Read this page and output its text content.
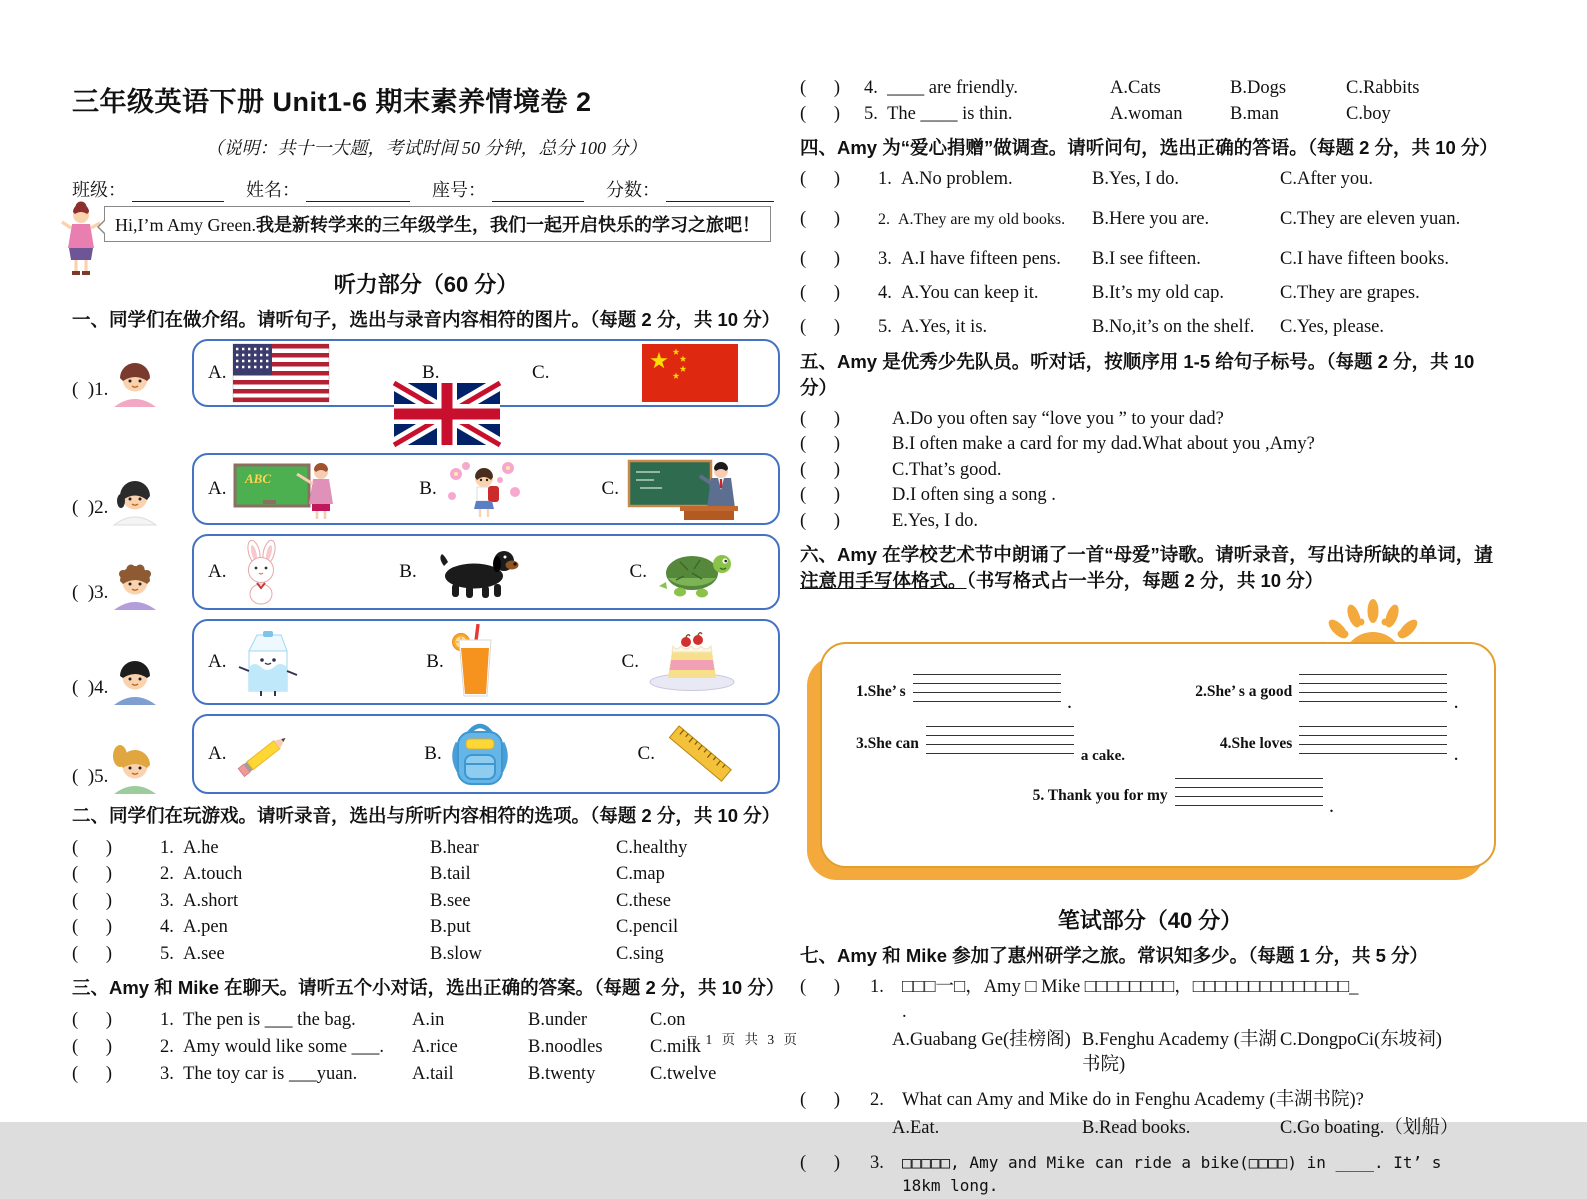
三年级英语下册 Unit1-6 期末素养情境卷 2
（说明：共十一大题，考试时间 50 分钟，总分 100 分）
班级：	姓名：	座号：	分数：
Hi,I’m Amy Green.我是新转学来的三年级学生，我们一起开启快乐的学习之旅吧！
听力部分（60 分）
一、同学们在做介绍。请听句子，选出与录音内容相符的图片。（每题 2 分，共 10 分）
(  )1.
A.	B.	C.
(  )2.
A. ABC	B.	C.
(  )3.
A.	B.	C.
(  )4.
A.	B.	C.
(  )5.
A.	B.	C.
二、同学们在玩游戏。请听录音，选出与所听内容相符的选项。（每题 2 分，共 10 分）
(      )	1. A.he	B.hear	C.healthy
(      )	2. A.touch	B.tail	C.map
(      )	3. A.short	B.see	C.these
(      )	4. A.pen	B.put	C.pencil
(      )	5. A.see	B.slow	C.sing
三、Amy 和 Mike 在聊天。请听五个小对话，选出正确的答案。（每题 2 分，共 10 分）
(      )	1. The pen is ___ the bag.	A.in	B.under	C.on
(      )	2. Amy would like some ___.	A.rice	B.noodles	C.milk
(      )	3. The toy car is ___yuan.	A.tail	B.twenty	C.twelve
□ 1 页 共 3 页
(      )	4. ____ are friendly.	A.Cats	B.Dogs	C.Rabbits
(      )	5. The ____ is thin.	A.woman	B.man	C.boy
四、Amy 为“爱心捐赠”做调查。请听问句，选出正确的答语。（每题 2 分，共 10 分）
(      )	1. A.No problem.	B.Yes, I do.	C.After you.
(      )	2. A.They are my old books.	B.Here you are.	C.They are eleven yuan.
(      )	3. A.I have fifteen pens.	B.I see fifteen.	C.I have fifteen books.
(      )	4. A.You can keep it.	B.It’s my old cap.	C.They are grapes.
(      )	5. A.Yes, it is.	B.No,it’s on the shelf.	C.Yes, please.
五、Amy 是优秀少先队员。听对话，按顺序用 1-5 给句子标号。（每题 2 分，共 10 分）
(      )	A.Do you often say “love you ” to your dad?
(      )	B.I often make a card for my dad.What about you ,Amy?
(      )	C.That’s good.
(      )	D.I often sing a song .
(      )	E.Yes, I do.
六、Amy 在学校艺术节中朗诵了一首“母爱”诗歌。请听录音，写出诗所缺的单词，请注意用手写体格式。（书写格式占一半分，每题 2 分，共 10 分）
1.She’ s
.
2.She’ s a good
.
3.She can
a cake.
4.She loves
.
5. Thank you for my
.
笔试部分（40 分）
七、Amy 和 Mike 参加了惠州研学之旅。常识知多少。（每题 1 分，共 5 分）
(      )	1. □□□一□，Amy □ Mike □□□□□□□□，□□□□□□□□□□□□□□_
.
A.Guabang Ge(挂榜阁) B.Fenghu Academy (丰湖书院)
C.DongpoCi(东坡祠)
(      )	2. What can Amy and Mike do in Fenghu Academy (丰湖书院)?
A.Eat.	B.Read books.	C.Go boating.（划船）
(      )	3.	□□□□□, Amy and Mike can ride a bike(□□□□) in ____. It’ s
18km long.
